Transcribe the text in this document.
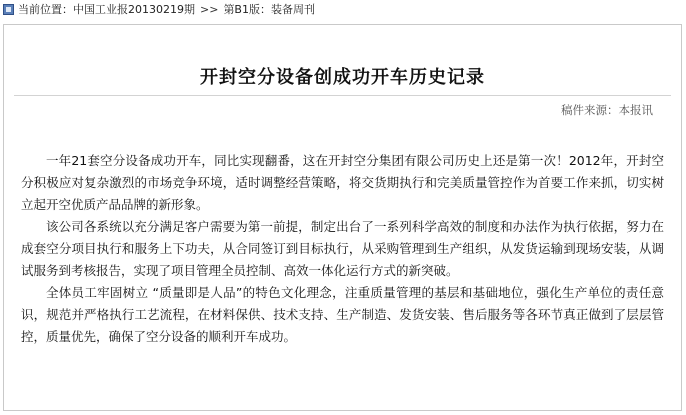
当前位置： 中国工业报20130219期 >> 第B1版：装备周刊
开封空分设备创成功开车历史记录
稿件来源：本报讯

一年21套空分设备成功开车，同比实现翻番，这在开封空分集团有限公司历史上还是第一次！2012年，开封空分积极应对复杂激烈的市场竞争环境，适时调整经营策略，将交货期执行和完美质量管控作为首要工作来抓，切实树立起开空优质产品品牌的新形象。

该公司各系统以充分满足客户需要为第一前提，制定出台了一系列科学高效的制度和办法作为执行依据，努力在成套空分项目执行和服务上下功夫，从合同签订到目标执行，从采购管理到生产组织，从发货运输到现场安装，从调试服务到考核报告，实现了项目管理全员控制、高效一体化运行方式的新突破。

全体员工牢固树立 “质量即是人品”的特色文化理念，注重质量管理的基层和基础地位，强化生产单位的责任意识，规范并严格执行工艺流程，在材料保供、技术支持、生产制造、发货安装、售后服务等各环节真正做到了层层管控，质量优先，确保了空分设备的顺利开车成功。
